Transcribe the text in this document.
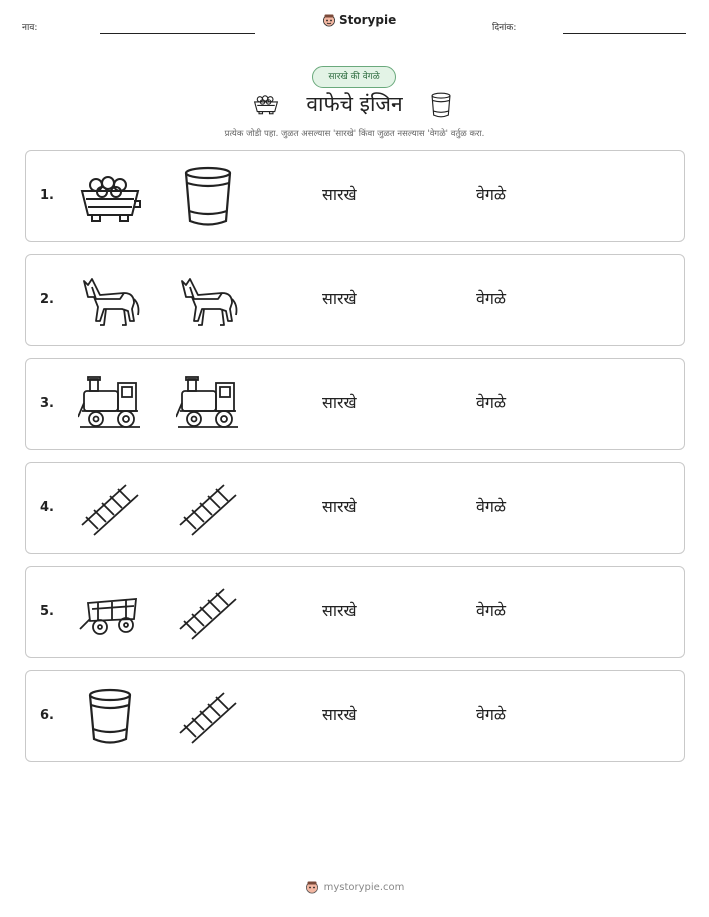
नाव:	दिनांक:
Storypie
सारखे की वेगळे
वाफेचे इंजिन
प्रत्येक जोडी पहा. जुळत असल्यास 'सारखे' किंवा जुळत नसल्यास 'वेगळे' वर्तुळ करा.
1.	सारखे	वेगळे
2.	सारखे	वेगळे
3.	सारखे	वेगळे
4.	सारखे	वेगळे
5.	सारखे	वेगळे
6.	सारखे	वेगळे
mystorypie.com
